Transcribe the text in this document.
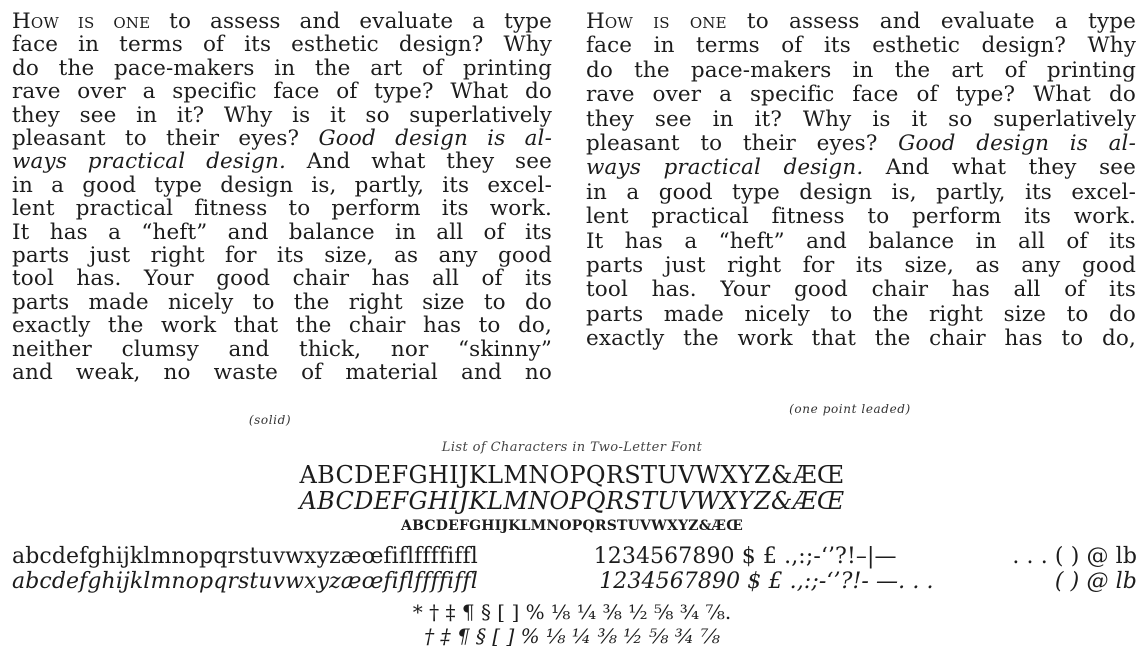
How is one to assess and evaluate a type
face in terms of its esthetic design? Why
do the pace-makers in the art of printing
rave over a specific face of type? What do
they see in it? Why is it so superlatively
pleasant to their eyes? Good design is al-
ways practical design. And what they see
in a good type design is, partly, its excel-
lent practical fitness to perform its work.
It has a “heft” and balance in all of its
parts just right for its size, as any good
tool has. Your good chair has all of its
parts made nicely to the right size to do
exactly the work that the chair has to do,
neither clumsy and thick, nor “skinny”
and weak, no waste of material and no
(solid)
How is one to assess and evaluate a type
face in terms of its esthetic design? Why
do the pace-makers in the art of printing
rave over a specific face of type? What do
they see in it? Why is it so superlatively
pleasant to their eyes? Good design is al-
ways practical design. And what they see
in a good type design is, partly, its excel-
lent practical fitness to perform its work.
It has a “heft” and balance in all of its
parts just right for its size, as any good
tool has. Your good chair has all of its
parts made nicely to the right size to do
exactly the work that the chair has to do,
(one point leaded)
List of Characters in Two-Letter Font
ABCDEFGHIJKLMNOPQRSTUVWXYZ&ÆŒ
ABCDEFGHIJKLMNOPQRSTUVWXYZ&ÆŒ
ABCDEFGHIJKLMNOPQRSTUVWXYZ&ÆŒ
abcdefghijklmnopqrstuvwxyzæœfiflffffiffl	1234567890 $ £ .,:;-‘’?!–|—	. . . ( ) @ lb
abcdefghijklmnopqrstuvwxyzæœfiflffffiffl	1234567890 $ £ .,:;-‘’?!- —. . .	( ) @ lb
* † ‡ ¶ § [ ] % ⅛ ¼ ⅜ ½ ⅝ ¾ ⅞.
† ‡ ¶ § [ ] % ⅛ ¼ ⅜ ½ ⅝ ¾ ⅞
